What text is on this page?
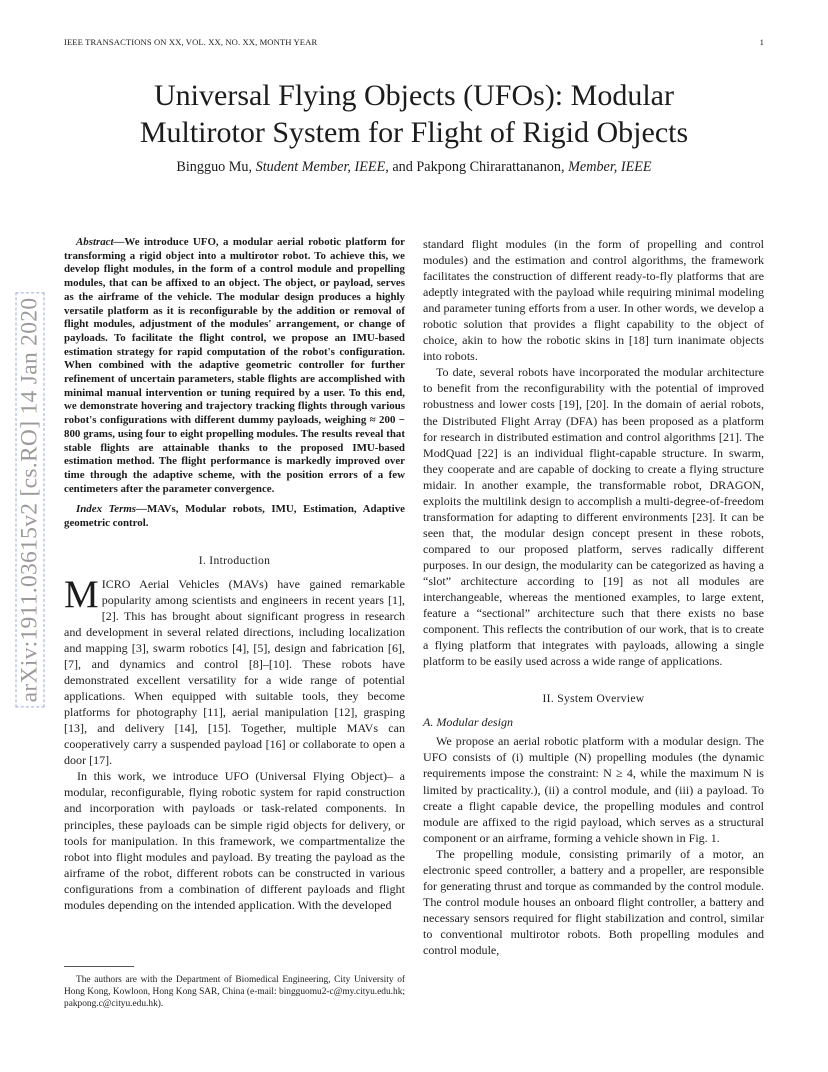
IEEE TRANSACTIONS ON XX, VOL. XX, NO. XX, MONTH YEAR	1
arXiv:1911.03615v2 [cs.RO] 14 Jan 2020
Universal Flying Objects (UFOs): Modular
Multirotor System for Flight of Rigid Objects
Bingguo Mu, Student Member, IEEE, and Pakpong Chirarattananon, Member, IEEE

Abstract—We introduce UFO, a modular aerial robotic platform for transforming a rigid object into a multirotor robot. To achieve this, we develop flight modules, in the form of a control module and propelling modules, that can be affixed to an object. The object, or payload, serves as the airframe of the vehicle. The modular design produces a highly versatile platform as it is reconfigurable by the addition or removal of flight modules, adjustment of the modules' arrangement, or change of payloads. To facilitate the flight control, we propose an IMU-based estimation strategy for rapid computation of the robot's configuration. When combined with the adaptive geometric controller for further refinement of uncertain parameters, stable flights are accomplished with minimal manual intervention or tuning required by a user. To this end, we demonstrate hovering and trajectory tracking flights through various robot's configurations with different dummy payloads, weighing ≈ 200 − 800 grams, using four to eight propelling modules. The results reveal that stable flights are attainable thanks to the proposed IMU-based estimation method. The flight performance is markedly improved over time through the adaptive scheme, with the position errors of a few centimeters after the parameter convergence.

Index Terms—MAVs, Modular robots, IMU, Estimation, Adaptive geometric control.

I. Introduction

MICRO Aerial Vehicles (MAVs) have gained remarkable popularity among scientists and engineers in recent years [1], [2]. This has brought about significant progress in research and development in several related directions, including localization and mapping [3], swarm robotics [4], [5], design and fabrication [6], [7], and dynamics and control [8]–[10]. These robots have demonstrated excellent versatility for a wide range of potential applications. When equipped with suitable tools, they become platforms for photography [11], aerial manipulation [12], grasping [13], and delivery [14], [15]. Together, multiple MAVs can cooperatively carry a suspended payload [16] or collaborate to open a door [17].

In this work, we introduce UFO (Universal Flying Object)– a modular, reconfigurable, flying robotic system for rapid construction and incorporation with payloads or task-related components. In principles, these payloads can be simple rigid objects for delivery, or tools for manipulation. In this framework, we compartmentalize the robot into flight modules and payload. By treating the payload as the airframe of the robot, different robots can be constructed in various configurations from a combination of different payloads and flight modules depending on the intended application. With the developed

The authors are with the Department of Biomedical Engineering, City University of Hong Kong, Kowloon, Hong Kong SAR, China (e-mail: bingguomu2-c@my.cityu.edu.hk; pakpong.c@cityu.edu.hk).

standard flight modules (in the form of propelling and control modules) and the estimation and control algorithms, the framework facilitates the construction of different ready-to-fly platforms that are adeptly integrated with the payload while requiring minimal modeling and parameter tuning efforts from a user. In other words, we develop a robotic solution that provides a flight capability to the object of choice, akin to how the robotic skins in [18] turn inanimate objects into robots.

To date, several robots have incorporated the modular architecture to benefit from the reconfigurability with the potential of improved robustness and lower costs [19], [20]. In the domain of aerial robots, the Distributed Flight Array (DFA) has been proposed as a platform for research in distributed estimation and control algorithms [21]. The ModQuad [22] is an individual flight-capable structure. In swarm, they cooperate and are capable of docking to create a flying structure midair. In another example, the transformable robot, DRAGON, exploits the multilink design to accomplish a multi-degree-of-freedom transformation for adapting to different environments [23]. It can be seen that, the modular design concept present in these robots, compared to our proposed platform, serves radically different purposes. In our design, the modularity can be categorized as having a “slot” architecture according to [19] as not all modules are interchangeable, whereas the mentioned examples, to large extent, feature a “sectional” architecture such that there exists no base component. This reflects the contribution of our work, that is to create a flying platform that integrates with payloads, allowing a single platform to be easily used across a wide range of applications.

II. System Overview
A. Modular design

We propose an aerial robotic platform with a modular design. The UFO consists of (i) multiple (N) propelling modules (the dynamic requirements impose the constraint: N ≥ 4, while the maximum N is limited by practicality.), (ii) a control module, and (iii) a payload. To create a flight capable device, the propelling modules and control module are affixed to the rigid payload, which serves as a structural component or an airframe, forming a vehicle shown in Fig. 1.

The propelling module, consisting primarily of a motor, an electronic speed controller, a battery and a propeller, are responsible for generating thrust and torque as commanded by the control module. The control module houses an onboard flight controller, a battery and necessary sensors required for flight stabilization and control, similar to conventional multirotor robots. Both propelling modules and control module,
